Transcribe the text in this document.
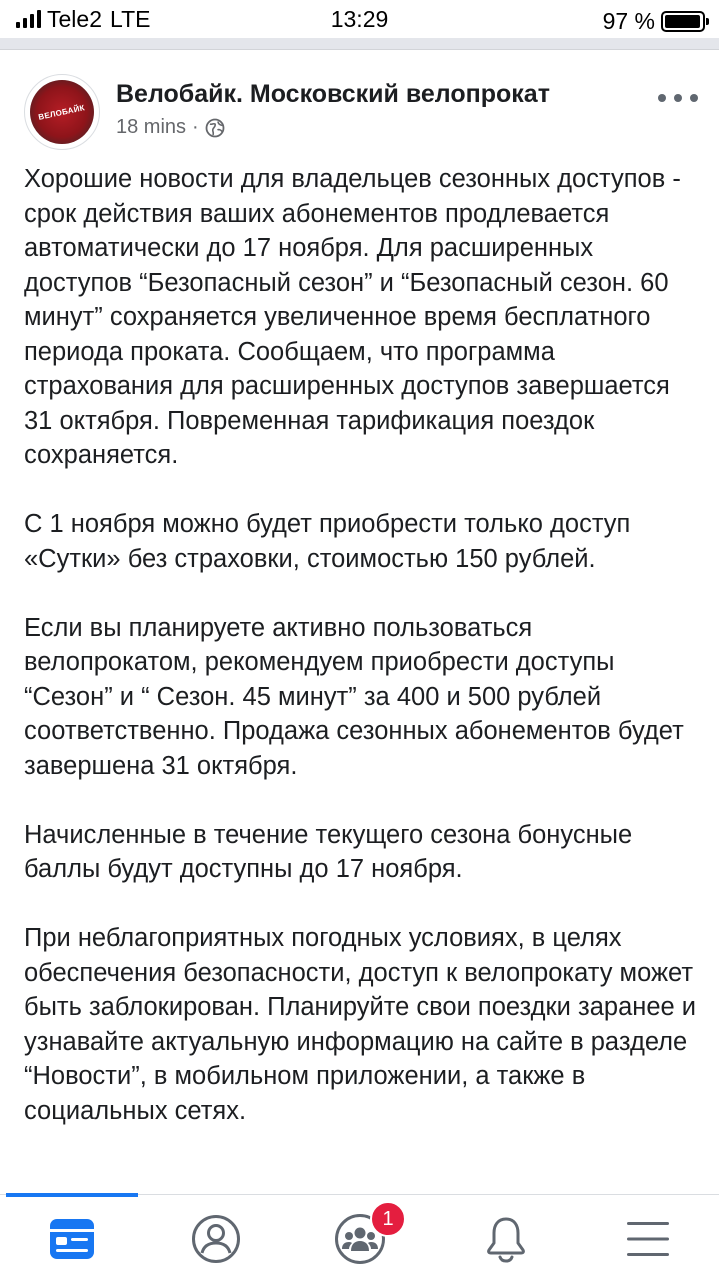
Tele2 LTE	13:29	97 %
ВЕЛОБАЙК
Велобайк. Московский велопрокат
18 mins ·

Хорошие новости для владельцев сезонных доступов - срок действия ваших абонементов продлевается автоматически до 17 ноября. Для расширенных доступов “Безопасный сезон” и “Безопасный сезон. 60 минут” сохраняется увеличенное время бесплатного периода проката. Сообщаем, что программа страхования для расширенных доступов завершается 31 октября. Повременная тарификация поездок сохраняется.

С 1 ноября можно будет приобрести только доступ «Сутки» без страховки, стоимостью 150 рублей.

Если вы планируете активно пользоваться велопрокатом, рекомендуем приобрести доступы “Сезон” и “ Сезон. 45 минут” за 400 и 500 рублей соответственно. Продажа сезонных абонементов будет завершена 31 октября.

Начисленные в течение текущего сезона бонусные баллы будут доступны до 17 ноября.

При неблагоприятных погодных условиях, в целях обеспечения безопасности, доступ к велопрокату может быть заблокирован. Планируйте свои поездки заранее и узнавайте актуальную информацию на сайте в разделе “Новости”, в мобильном приложении, а также в социальных сетях.

1
